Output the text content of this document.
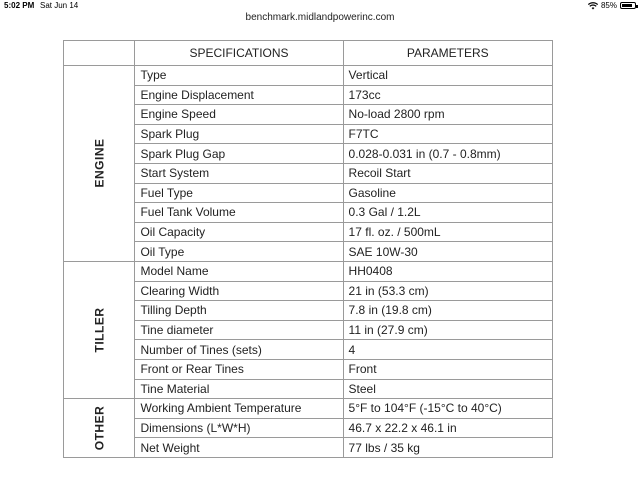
5:02 PM Sat Jun 14	85%
benchmark.midlandpowerinc.com
	SPECIFICATIONS	PARAMETERS
ENGINE	Type	Vertical
	Engine Displacement	173cc
	Engine Speed	No-load 2800 rpm
	Spark Plug	F7TC
	Spark Plug Gap	0.028-0.031 in (0.7 - 0.8mm)
	Start System	Recoil Start
	Fuel Type	Gasoline
	Fuel Tank Volume	0.3 Gal / 1.2L
	Oil Capacity	17 fl. oz. / 500mL
	Oil Type	SAE 10W-30
TILLER	Model Name	HH0408
	Clearing Width	21 in (53.3 cm)
	Tilling Depth	7.8 in (19.8 cm)
	Tine diameter	11 in (27.9 cm)
	Number of Tines (sets)	4
	Front or Rear Tines	Front
	Tine Material	Steel
OTHER	Working Ambient Temperature	5°F to 104°F (-15°C to 40°C)
	Dimensions (L*W*H)	46.7 x 22.2 x 46.1 in
	Net Weight	77 lbs / 35 kg
